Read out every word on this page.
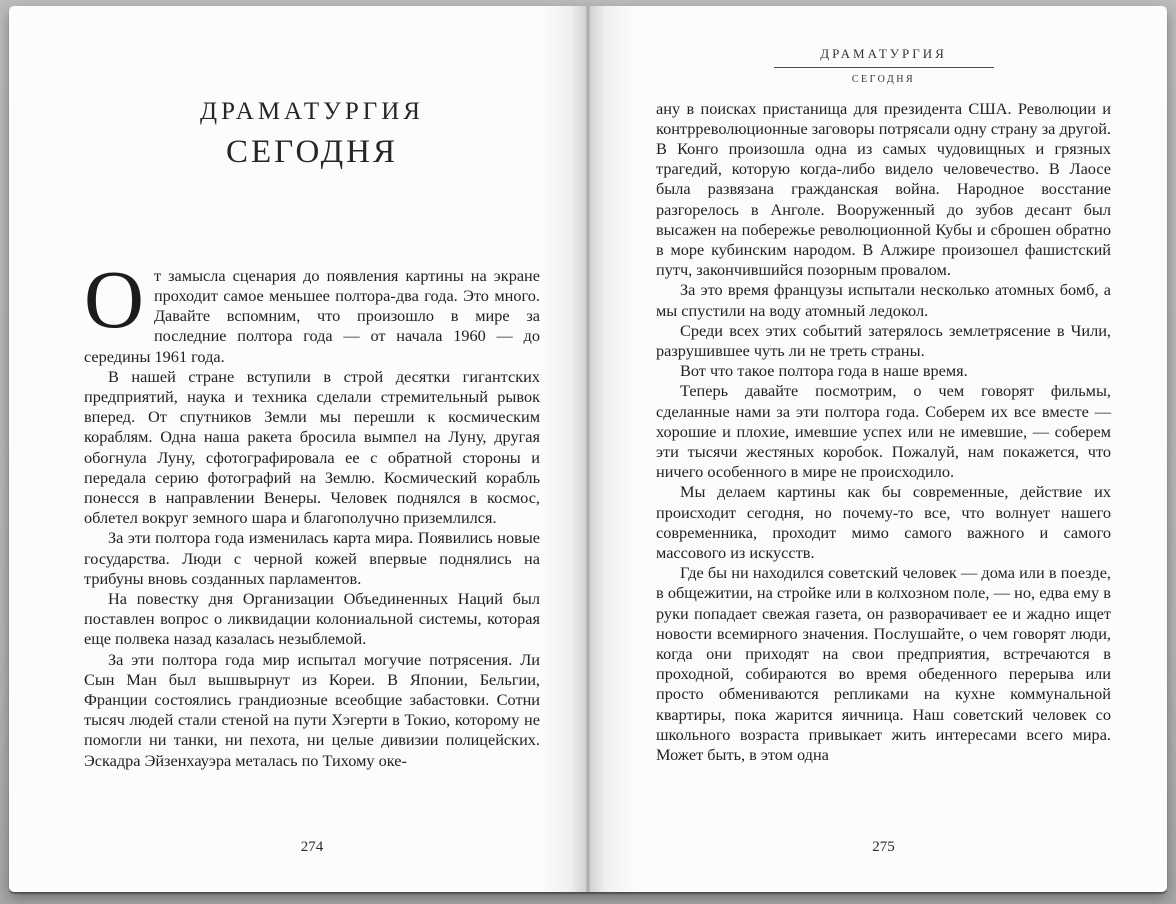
ДРАМАТУРГИЯ
СЕГОДНЯ

От замысла сценария до появления картины на экране проходит самое меньшее полтора-два года. Это много. Давайте вспомним, что произошло в мире за последние полтора года — от начала 1960 — до середины 1961 года.

В нашей стране вступили в строй десятки гигантских предприятий, наука и техника сделали стремительный рывок вперед. От спутников Земли мы перешли к космическим кораблям. Одна наша ракета бросила вымпел на Луну, другая обогнула Луну, сфотографировала ее с обратной стороны и передала серию фотографий на Землю. Космический корабль понесся в направлении Венеры. Человек поднялся в космос, облетел вокруг земного шара и благополучно приземлился.

За эти полтора года изменилась карта мира. Появились новые государства. Люди с черной кожей впервые поднялись на трибуны вновь созданных парламентов.

На повестку дня Организации Объединенных Наций был поставлен вопрос о ликвидации колониальной системы, которая еще полвека назад казалась незыблемой.

За эти полтора года мир испытал могучие потрясения. Ли Сын Ман был вышвырнут из Кореи. В Японии, Бельгии, Франции состоялись грандиозные всеобщие забастовки. Сотни тысяч людей стали стеной на пути Хэгерти в Токио, которому не помогли ни танки, ни пехота, ни целые дивизии полицейских. Эскадра Эйзенхауэра металась по Тихому оке-

274
ДРАМАТУРГИЯ
СЕГОДНЯ

ану в поисках пристанища для президента США. Революции и контрреволюционные заговоры потрясали одну страну за другой. В Конго произошла одна из самых чудовищных и грязных трагедий, которую когда-либо видело человечество. В Лаосе была развязана гражданская война. Народное восстание разгорелось в Анголе. Вооруженный до зубов десант был высажен на побережье революционной Кубы и сброшен обратно в море кубинским народом. В Алжире произошел фашистский путч, закончившийся позорным провалом.

За это время французы испытали несколько атомных бомб, а мы спустили на воду атомный ледокол.

Среди всех этих событий затерялось землетрясение в Чили, разрушившее чуть ли не треть страны.

Вот что такое полтора года в наше время.

Теперь давайте посмотрим, о чем говорят фильмы, сделанные нами за эти полтора года. Соберем их все вместе — хорошие и плохие, имевшие успех или не имевшие, — соберем эти тысячи жестяных коробок. Пожалуй, нам покажется, что ничего особенного в мире не происходило.

Мы делаем картины как бы современные, действие их происходит сегодня, но почему-то все, что волнует нашего современника, проходит мимо самого важного и самого массового из искусств.

Где бы ни находился советский человек — дома или в поезде, в общежитии, на стройке или в колхозном поле, — но, едва ему в руки попадает свежая газета, он разворачивает ее и жадно ищет новости всемирного значения. Послушайте, о чем говорят люди, когда они приходят на свои предприятия, встречаются в проходной, собираются во время обеденного перерыва или просто обмениваются репликами на кухне коммунальной квартиры, пока жарится яичница. Наш советский человек со школьного возраста привыкает жить интересами всего мира. Может быть, в этом одна

275
